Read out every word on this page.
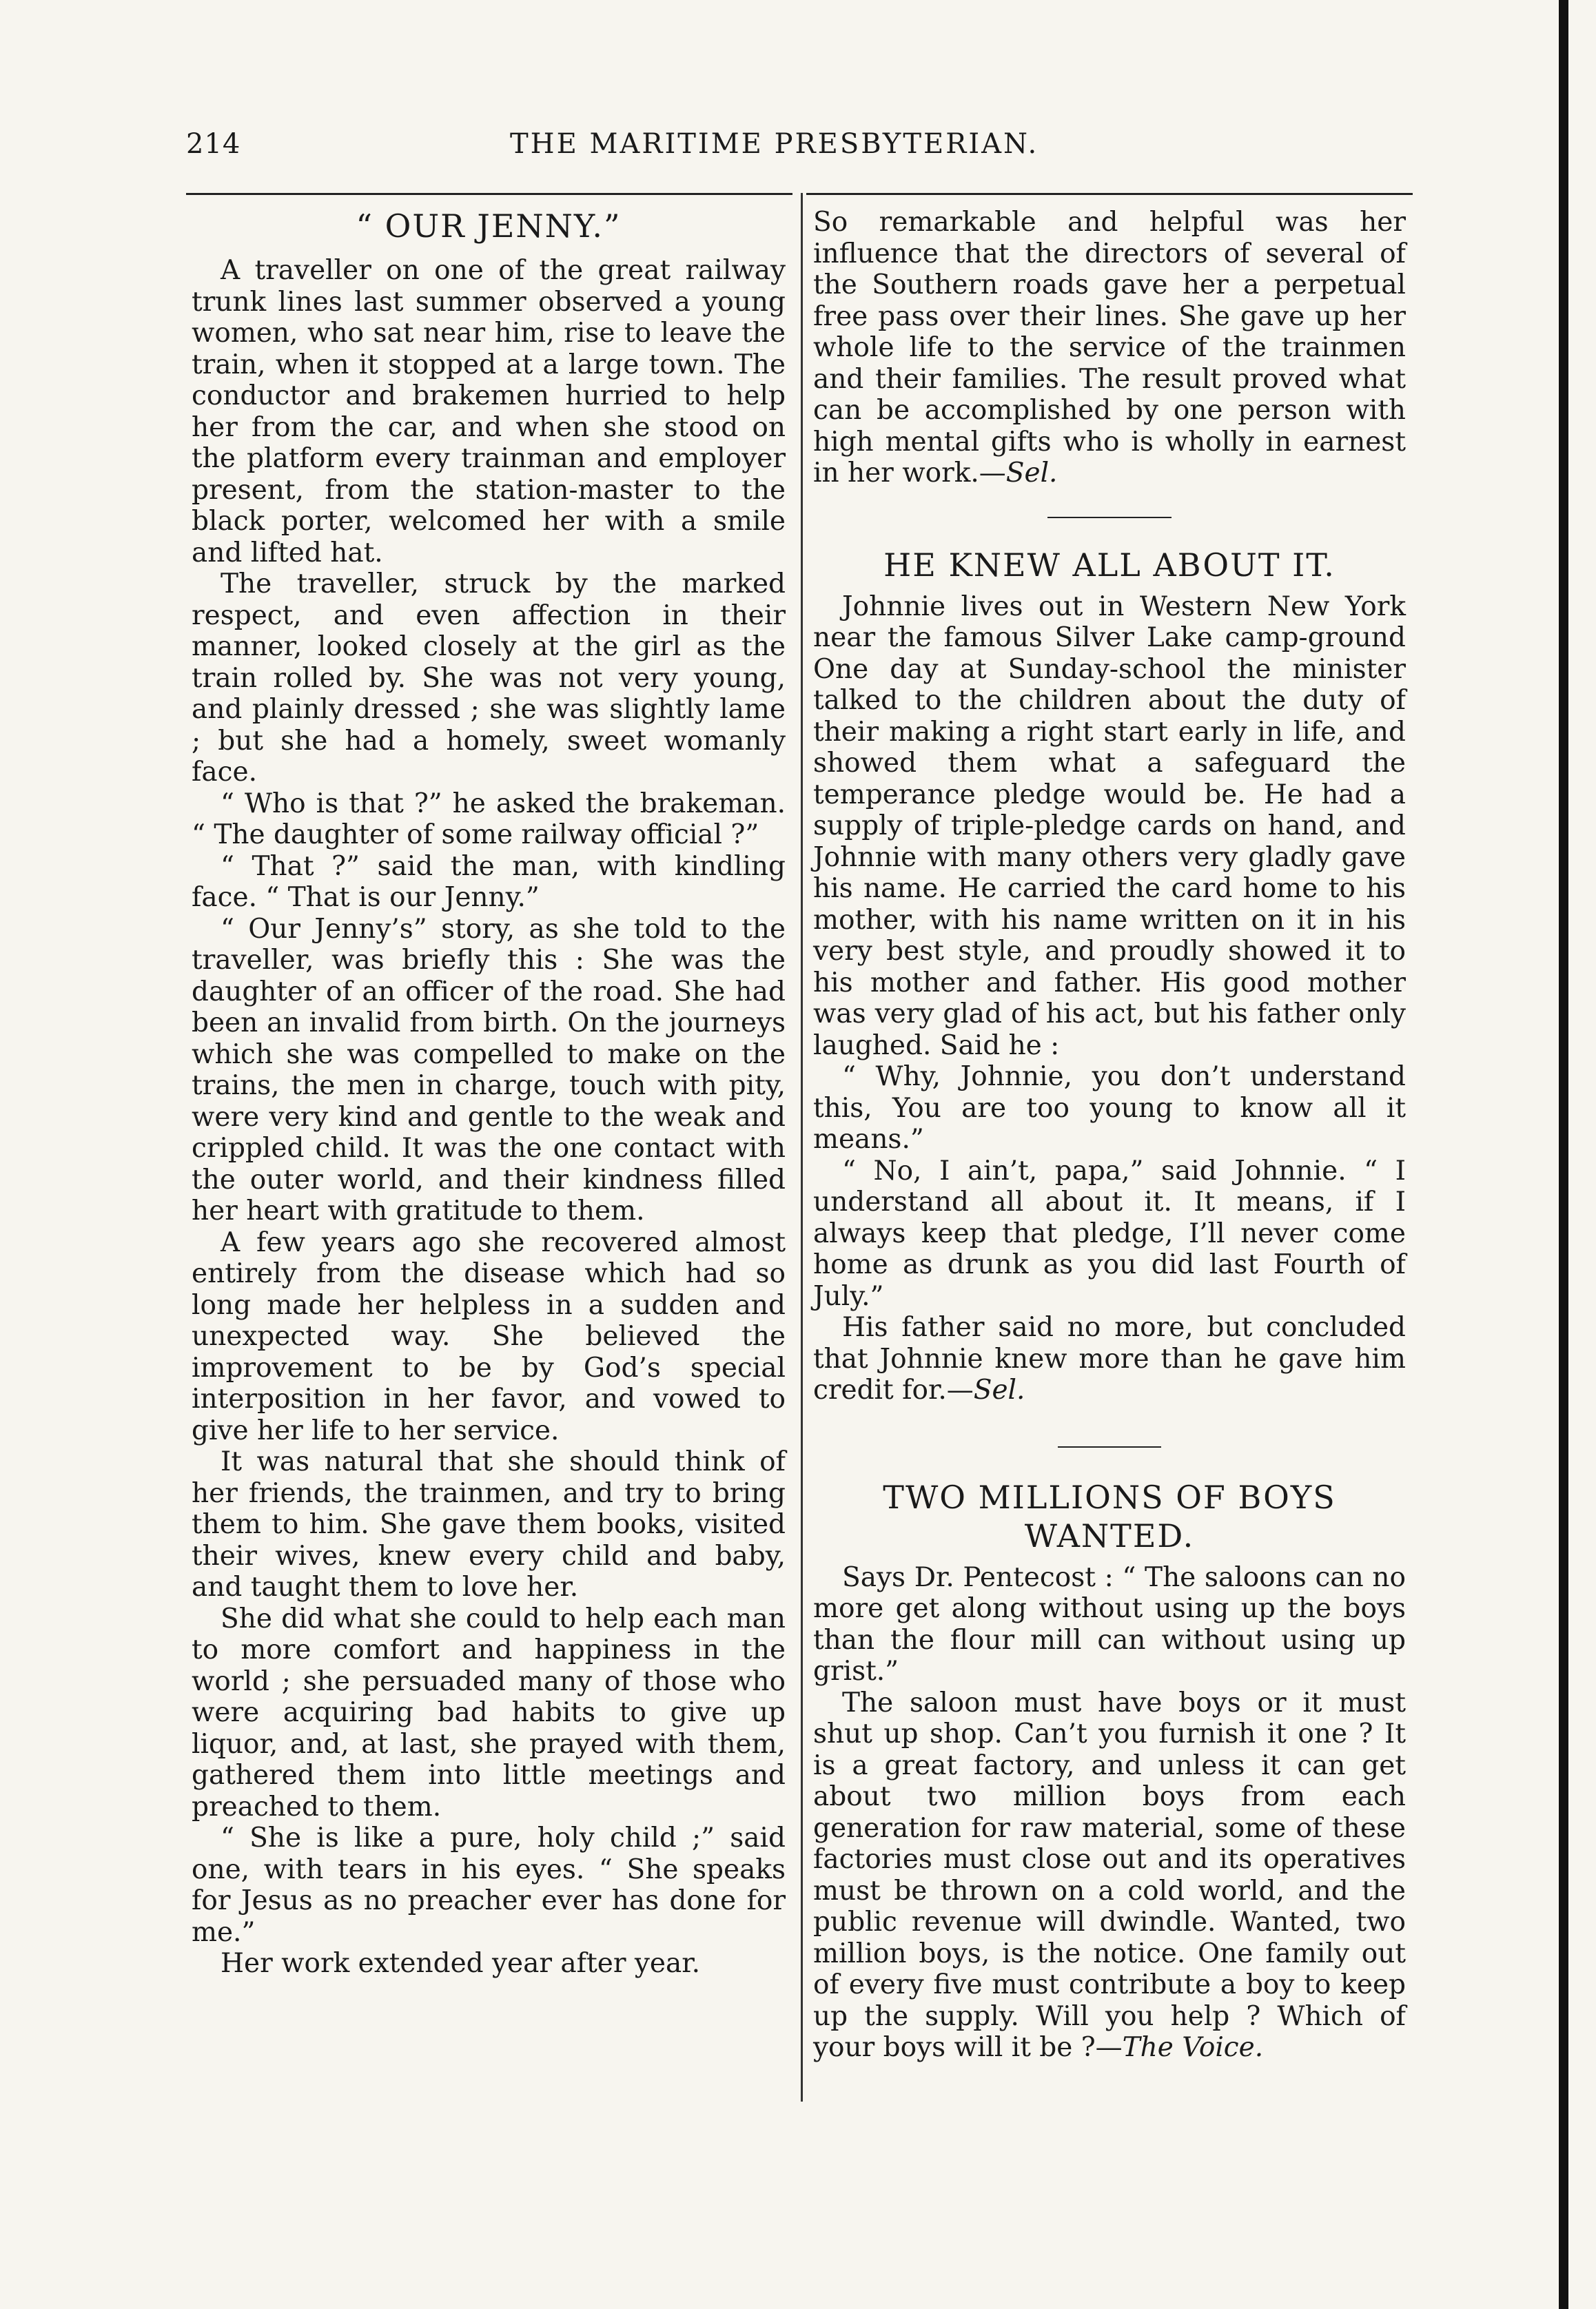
214	THE MARITIME PRESBYTERIAN.
“ OUR JENNY.”

A traveller on one of the great railway trunk lines last summer observed a young women, who sat near him, rise to leave the train, when it stopped at a large town. The conductor and brakemen hurried to help her from the car, and when she stood on the platform every trainman and employer present, from the station-master to the black porter, welcomed her with a smile and lifted hat.

The traveller, struck by the marked respect, and even affection in their manner, looked closely at the girl as the train rolled by. She was not very young, and plainly dressed ; she was slightly lame ; but she had a homely, sweet womanly face.

“ Who is that ?” he asked the brakeman. “ The daughter of some railway official ?”

“ That ?” said the man, with kindling face. “ That is our Jenny.”

“ Our Jenny’s” story, as she told to the traveller, was briefly this : She was the daughter of an officer of the road. She had been an invalid from birth. On the journeys which she was compelled to make on the trains, the men in charge, touch with pity, were very kind and gentle to the weak and crippled child. It was the one contact with the outer world, and their kindness filled her heart with gratitude to them.

A few years ago she recovered almost entirely from the disease which had so long made her helpless in a sudden and unexpected way. She believed the improvement to be by God’s special interposition in her favor, and vowed to give her life to her service.

It was natural that she should think of her friends, the trainmen, and try to bring them to him. She gave them books, visited their wives, knew every child and baby, and taught them to love her.

She did what she could to help each man to more comfort and happiness in the world ; she persuaded many of those who were acquiring bad habits to give up liquor, and, at last, she prayed with them, gathered them into little meetings and preached to them.

“ She is like a pure, holy child ;” said one, with tears in his eyes. “ She speaks for Jesus as no preacher ever has done for me.”

Her work extended year after year.

So remarkable and helpful was her influence that the directors of several of the Southern roads gave her a perpetual free pass over their lines. She gave up her whole life to the service of the trainmen and their families. The result proved what can be accomplished by one person with high mental gifts who is wholly in earnest in her work.—Sel.

HE KNEW ALL ABOUT IT.

Johnnie lives out in Western New York near the famous Silver Lake camp-ground One day at Sunday-school the minister talked to the children about the duty of their making a right start early in life, and showed them what a safeguard the temperance pledge would be. He had a supply of triple-pledge cards on hand, and Johnnie with many others very gladly gave his name. He carried the card home to his mother, with his name written on it in his very best style, and proudly showed it to his mother and father. His good mother was very glad of his act, but his father only laughed. Said he :

“ Why, Johnnie, you don’t understand this, You are too young to know all it means.”

“ No, I ain’t, papa,” said Johnnie. “ I understand all about it. It means, if I always keep that pledge, I’ll never come home as drunk as you did last Fourth of July.”

His father said no more, but concluded that Johnnie knew more than he gave him credit for.—Sel.

TWO MILLIONS OF BOYS WANTED.

Says Dr. Pentecost : “ The saloons can no more get along without using up the boys than the flour mill can without using up grist.”

The saloon must have boys or it must shut up shop. Can’t you furnish it one ? It is a great factory, and unless it can get about two million boys from each generation for raw material, some of these factories must close out and its operatives must be thrown on a cold world, and the public revenue will dwindle. Wanted, two million boys, is the notice. One family out of every five must contribute a boy to keep up the supply. Will you help ? Which of your boys will it be ?—The Voice.
